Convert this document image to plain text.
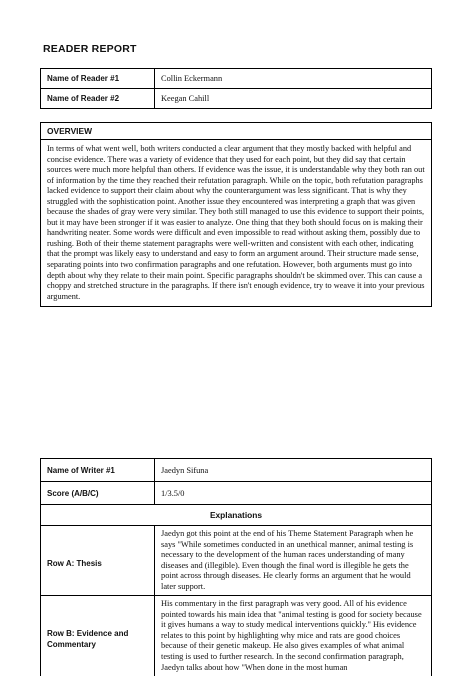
READER REPORT
Name of Reader #1	Collin Eckermann
Name of Reader #2	Keegan Cahill
OVERVIEW
In terms of what went well, both writers conducted a clear argument that they mostly backed with helpful and concise evidence. There was a variety of evidence that they used for each point, but they did say that certain sources were much more helpful than others. If evidence was the issue, it is understandable why they both ran out of information by the time they reached their refutation paragraph. While on the topic, both refutation paragraphs lacked evidence to support their claim about why the counterargument was less significant. That is why they struggled with the sophistication point. Another issue they encountered was interpreting a graph that was given because the shades of gray were very similar. They both still managed to use this evidence to support their points, but it may have been stronger if it was easier to analyze. One thing that they both should focus on is making their handwriting neater. Some words were difficult and even impossible to read without asking them, possibly due to rushing. Both of their theme statement paragraphs were well-written and consistent with each other, indicating that the prompt was likely easy to understand and easy to form an argument around. Their structure made sense, separating points into two confirmation paragraphs and one refutation. However, both arguments must go into depth about why they relate to their main point. Specific paragraphs shouldn't be skimmed over. This can cause a choppy and stretched structure in the paragraphs. If there isn't enough evidence, try to weave it into your previous argument.
Name of Writer #1	Jaedyn Sifuna
Score (A/B/C)	1/3.5/0
Explanations	
Row A: Thesis	Jaedyn got this point at the end of his Theme Statement Paragraph when he says "While sometimes conducted in an unethical manner, animal testing is necessary to the development of the human races understanding of many diseases and (illegible). Even though the final word is illegible he gets the point across through diseases. He clearly forms an argument that he would later support.
Row B: Evidence and Commentary	His commentary in the first paragraph was very good. All of his evidence pointed towards his main idea that "animal testing is good for society because it gives humans a way to study medical interventions quickly." His evidence relates to this point by highlighting why mice and rats are good choices because of their genetic makeup. He also gives examples of what animal testing is used to further research. In the second confirmation paragraph, Jaedyn talks about how "When done in the most human
